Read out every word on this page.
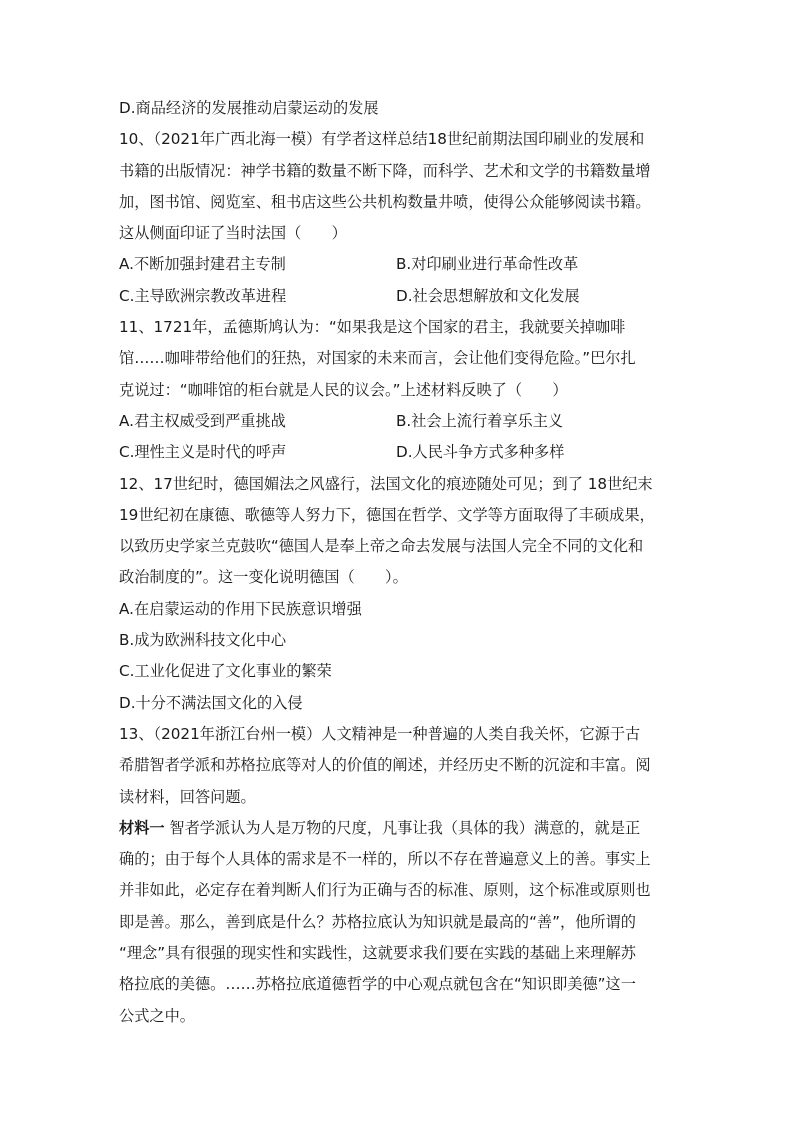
D.商品经济的发展推动启蒙运动的发展
10、（2021年广西北海一模）有学者这样总结18世纪前期法国印刷业的发展和
书籍的出版情况：神学书籍的数量不断下降，而科学、艺术和文学的书籍数量增
加，图书馆、阅览室、租书店这些公共机构数量井喷，使得公众能够阅读书籍。
这从侧面印证了当时法国（　　）
A.不断加强封建君主专制	B.对印刷业进行革命性改革
C.主导欧洲宗教改革进程	D.社会思想解放和文化发展
11、1721年，孟德斯鸠认为：“如果我是这个国家的君主，我就要关掉咖啡
馆……咖啡带给他们的狂热，对国家的未来而言，会让他们变得危险。”巴尔扎
克说过：“咖啡馆的柜台就是人民的议会。”上述材料反映了（　　）
A.君主权威受到严重挑战	B.社会上流行着享乐主义
C.理性主义是时代的呼声	D.人民斗争方式多种多样
12、17世纪时，德国媚法之风盛行，法国文化的痕迹随处可见；到了 18世纪末
19世纪初在康德、歌德等人努力下，德国在哲学、文学等方面取得了丰硕成果，
以致历史学家兰克鼓吹“德国人是奉上帝之命去发展与法国人完全不同的文化和
政治制度的”。这一变化说明德国（　　）。
A.在启蒙运动的作用下民族意识增强
B.成为欧洲科技文化中心
C.工业化促进了文化事业的繁荣
D.十分不满法国文化的入侵
13、（2021年浙江台州一模）人文精神是一种普遍的人类自我关怀，它源于古
希腊智者学派和苏格拉底等对人的价值的阐述，并经历史不断的沉淀和丰富。阅
读材料，回答问题。
材料一 智者学派认为人是万物的尺度，凡事让我（具体的我）满意的，就是正
确的；由于每个人具体的需求是不一样的，所以不存在普遍意义上的善。事实上
并非如此，必定存在着判断人们行为正确与否的标准、原则，这个标准或原则也
即是善。那么，善到底是什么？苏格拉底认为知识就是最高的“善”，他所谓的
“理念”具有很强的现实性和实践性，这就要求我们要在实践的基础上来理解苏
格拉底的美德。……苏格拉底道德哲学的中心观点就包含在“知识即美德”这一
公式之中。
